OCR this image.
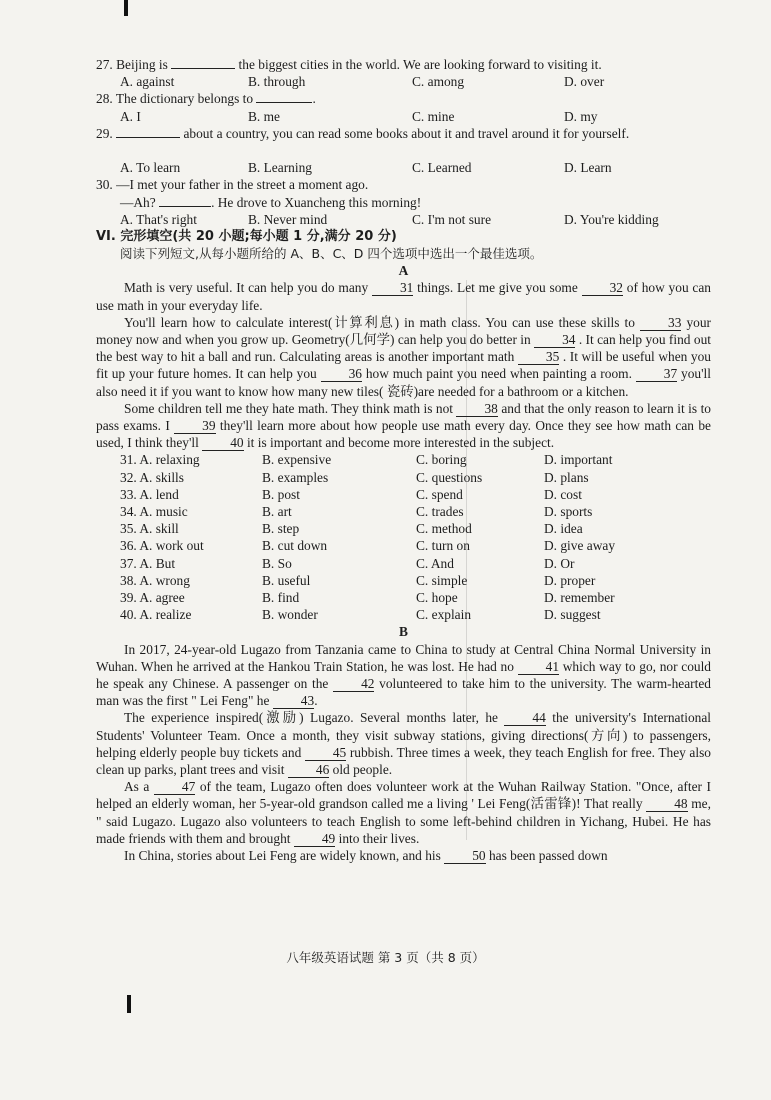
27. Beijing is	the biggest cities in the world. We are looking forward to visiting it.
A. against	B. through	C. among	D. over
28. The dictionary belongs to	.
A. I	B. me	C. mine	D. my
29.	about a country, you can read some books about it and travel around it for yourself.
A. To learn	B. Learning	C. Learned	D. Learn
30. —I met your father in the street a moment ago.
—Ah?	. He drove to Xuancheng this morning!
A. That's right	B. Never mind	C. I'm not sure	D. You're kidding
VI. 完形填空(共 20 小题;每小题 1 分,满分 20 分)
阅读下列短文,从每小题所给的 A、B、C、D 四个选项中选出一个最佳选项。
A

Math is very useful. It can help you do many 31 things. Let me give you some 32 of how you can use math in your everyday life.

You'll learn how to calculate interest(计算利息) in math class. You can use these skills to 33 your money now and when you grow up. Geometry(几何学) can help you do better in 34 . It can help you find out the best way to hit a ball and run. Calculating areas is another important math 35 . It will be useful when you fit up your future homes. It can help you 36 how much paint you need when painting a room. 37 you'll also need it if you want to know how many new tiles( 瓷砖)are needed for a bathroom or a kitchen.

Some children tell me they hate math. They think math is not 38 and that the only reason to learn it is to pass exams. I 39 they'll learn more about how people use math every day. Once they see how math can be used, I think they'll 40 it is important and become more interested in the subject.

31. A. relaxing	B. expensive	C. boring	D. important
32. A. skills	B. examples	C. questions	D. plans
33. A. lend	B. post	C. spend	D. cost
34. A. music	B. art	C. trades	D. sports
35. A. skill	B. step	C. method	D. idea
36. A. work out	B. cut down	C. turn on	D. give away
37. A. But	B. So	C. And	D. Or
38. A. wrong	B. useful	C. simple	D. proper
39. A. agree	B. find	C. hope	D. remember
40. A. realize	B. wonder	C. explain	D. suggest
B

In 2017, 24-year-old Lugazo from Tanzania came to China to study at Central China Normal University in Wuhan. When he arrived at the Hankou Train Station, he was lost. He had no 41 which way to go, nor could he speak any Chinese. A passenger on the 42 volunteered to take him to the university. The warm-hearted man was the first " Lei Feng" he 43.

The experience inspired(激励) Lugazo. Several months later, he	44 the university's International Students' Volunteer Team. Once a month, they visit subway stations, giving directions(方向) to passengers, helping elderly people buy tickets and 45 rubbish. Three times a week, they teach English for free. They also clean up parks, plant trees and visit 46 old people.

As a 47 of the team, Lugazo often does volunteer work at the Wuhan Railway Station. "Once, after I helped an elderly woman, her 5-year-old grandson called me a living ' Lei Feng(活雷锋)! That really 48 me, " said Lugazo. Lugazo also volunteers to teach English to some left-behind children in Yichang, Hubei. He has made friends with them and brought 49 into their lives.

In China, stories about Lei Feng are widely known, and his 50 has been passed down

八年级英语试题 第 3 页（共 8 页）
